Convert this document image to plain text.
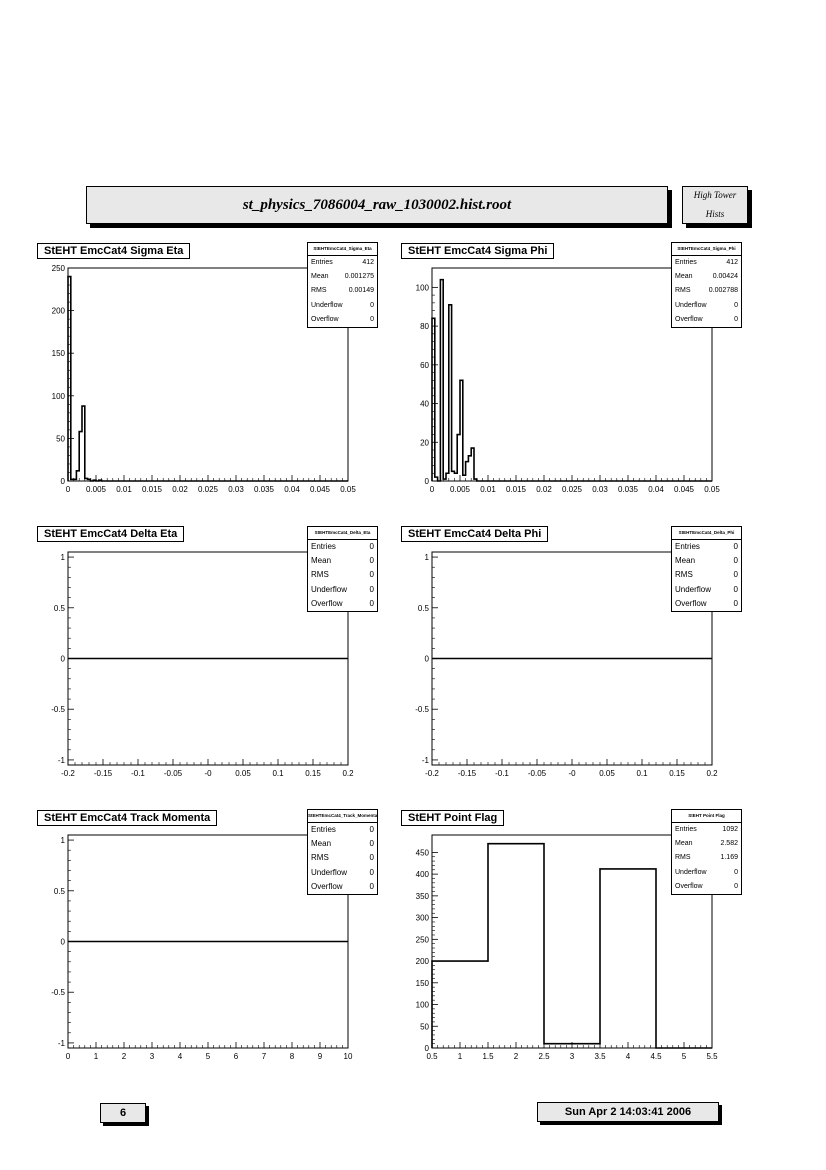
st_physics_7086004_raw_1030002.hist.root
High Tower
Hists
0 0.005 0.01 0.015 0.02 0.025 0.03 0.035 0.04 0.045 0.05
0
50
100
150
200
250
StEHT EmcCat4 Sigma Eta	StEHTEmcCat4_Sigma_Eta
Entries	412
Mean 0.001275
RMS	0.00149
Underflow	0
Overflow	0
0 0.005 0.01 0.015 0.02 0.025 0.03 0.035 0.04 0.045 0.05
0
20
40
60
80
100
StEHT EmcCat4 Sigma Phi	StEHTEmcCat4_Sigma_Phi
Entries	412
Mean	0.00424
RMS	0.002788
Underflow	0
Overflow	0
-0.2 -0.15 -0.1 -0.05	-0	0.05	0.1	0.15	0.2
-1
-0.5
0
0.5
1
StEHT EmcCat4 Delta Eta	StEHTEmcCat4_Delta_Eta
Entries	0
Mean	0
RMS	0
Underflow	0
Overflow	0
-0.2 -0.15 -0.1 -0.05	-0	0.05	0.1	0.15	0.2
-1
-0.5
0
0.5
1
StEHT EmcCat4 Delta Phi	StEHTEmcCat4_Delta_Phi
Entries	0
Mean	0
RMS	0
Underflow	0
Overflow	0
0	1	2	3	4	5	6	7	8	9	10
-1
-0.5
0
0.5
1
StEHT EmcCat4 Track Momenta	StEHTEmcCat4_Track_Momenta
Entries	0
Mean	0
RMS	0
Underflow	0
Overflow	0
0.5	1	1.5	2	2.5	3	3.5	4	4.5	5	5.5
0
50
100
150
200
250
300
350
400
450
StEHT Point Flag	StEHT Point Flag
Entries	1092
Mean	2.582
RMS	1.169
Underflow	0
Overflow	0
6	Sun Apr 2 14:03:41 2006
